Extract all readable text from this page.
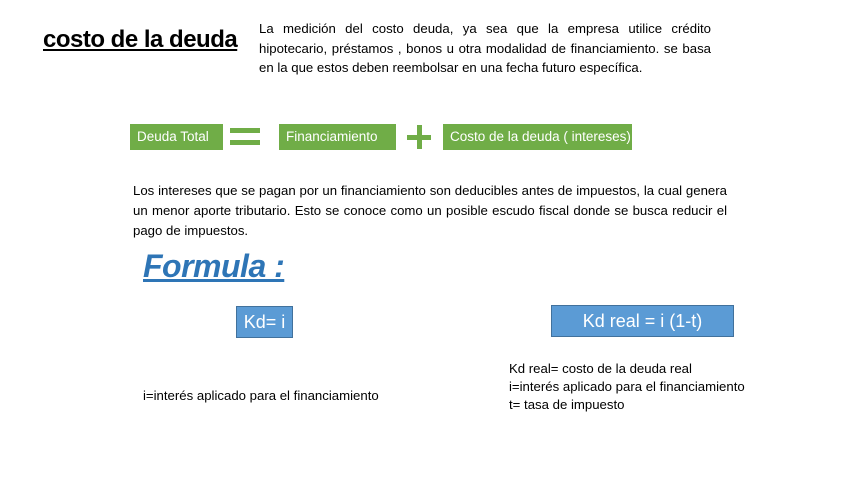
costo de la deuda La medición del costo deuda, ya sea que la empresa utilice crédito hipotecario, préstamos , bonos u otra modalidad de financiamiento. se basa en la que estos deben reembolsar en una fecha futuro específica.
Deuda Total	Financiamiento	Costo de la deuda ( intereses)
Los intereses que se pagan por un financiamiento son deducibles antes de impuestos, la cual genera un menor aporte tributario. Esto se conoce como un posible escudo fiscal donde se busca reducir el pago de impuestos.
Formula :
Kd= i	Kd real = i (1-t)
i=interés aplicado para el financiamiento
Kd real= costo de la deuda real
i=interés aplicado para el financiamiento
t= tasa de impuesto
